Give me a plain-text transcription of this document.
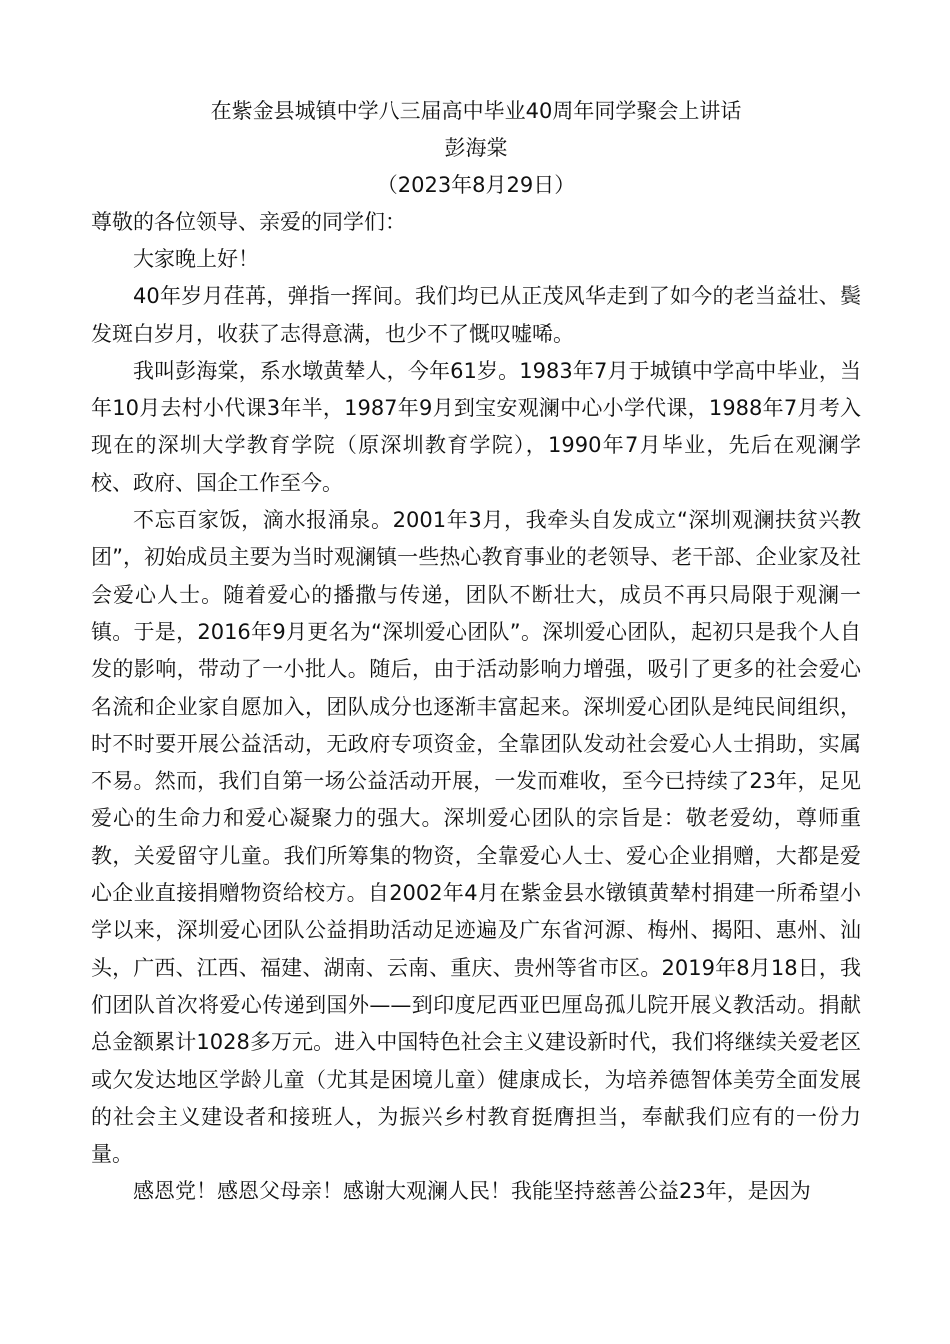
在紫金县城镇中学八三届高中毕业40周年同学聚会上讲话
彭海棠
（2023年8月29日）
尊敬的各位领导、亲爱的同学们：

大家晚上好！

40年岁月荏苒，弹指一挥间。我们均已从正茂风华走到了如今的老当益壮、鬓发斑白岁月，收获了志得意满，也少不了慨叹嘘唏。

我叫彭海棠，系水墩黄辇人，今年61岁。1983年7月于城镇中学高中毕业，当年10月去村小代课3年半，1987年9月到宝安观澜中心小学代课，1988年7月考入现在的深圳大学教育学院（原深圳教育学院），1990年7月毕业，先后在观澜学校、政府、国企工作至今。

不忘百家饭，滴水报涌泉。2001年3月，我牵头自发成立“深圳观澜扶贫兴教团”，初始成员主要为当时观澜镇一些热心教育事业的老领导、老干部、企业家及社会爱心人士。随着爱心的播撒与传递，团队不断壮大，成员不再只局限于观澜一镇。于是，2016年9月更名为“深圳爱心团队”。深圳爱心团队，起初只是我个人自发的影响，带动了一小批人。随后，由于活动影响力增强，吸引了更多的社会爱心名流和企业家自愿加入，团队成分也逐渐丰富起来。深圳爱心团队是纯民间组织，时不时要开展公益活动，无政府专项资金，全靠团队发动社会爱心人士捐助，实属不易。然而，我们自第一场公益活动开展，一发而难收，至今已持续了23年，足见爱心的生命力和爱心凝聚力的强大。深圳爱心团队的宗旨是：敬老爱幼，尊师重教，关爱留守儿童。我们所筹集的物资，全靠爱心人士、爱心企业捐赠，大都是爱心企业直接捐赠物资给校方。自2002年4月在紫金县水镦镇黄辇村捐建一所希望小学以来，深圳爱心团队公益捐助活动足迹遍及广东省河源、梅州、揭阳、惠州、汕头，广西、江西、福建、湖南、云南、重庆、贵州等省市区。2019年8月18日，我们团队首次将爱心传递到国外——到印度尼西亚巴厘岛孤儿院开展义教活动。捐献总金额累计1028多万元。进入中国特色社会主义建设新时代，我们将继续关爱老区或欠发达地区学龄儿童（尤其是困境儿童）健康成长，为培养德智体美劳全面发展的社会主义建设者和接班人，为振兴乡村教育挺膺担当，奉献我们应有的一份力量。

感恩党！感恩父母亲！感谢大观澜人民！我能坚持慈善公益23年，是因为
